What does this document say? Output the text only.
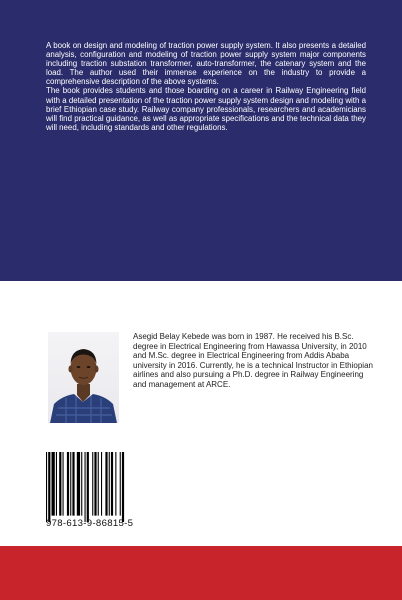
A book on design and modeling of traction power supply system. It also presents a detailed analysis, configuration and modeling of traction power supply system major components including traction substation transformer, auto-transformer, the catenary system and the load. The author used their immense experience on the industry to provide a comprehensive description of the above systems.

The book provides students and those boarding on a career in Railway Engineering field with a detailed presentation of the traction power supply system design and modeling with a brief Ethiopian case study. Railway company professionals, researchers and academicians will find practical guidance, as well as appropriate specifications and the technical data they will need, including standards and other regulations.

Asegid Belay Kebede was born in 1987. He received his B.Sc. degree in Electrical Engineering from Hawassa University, in 2010 and M.Sc. degree in Electrical Engineering from Addis Ababa university in 2016. Currently, he is a technical Instructor in Ethiopian airlines and also pursuing a Ph.D. degree in Railway Engineering and management at ARCE.

978-613-9-86815-5
